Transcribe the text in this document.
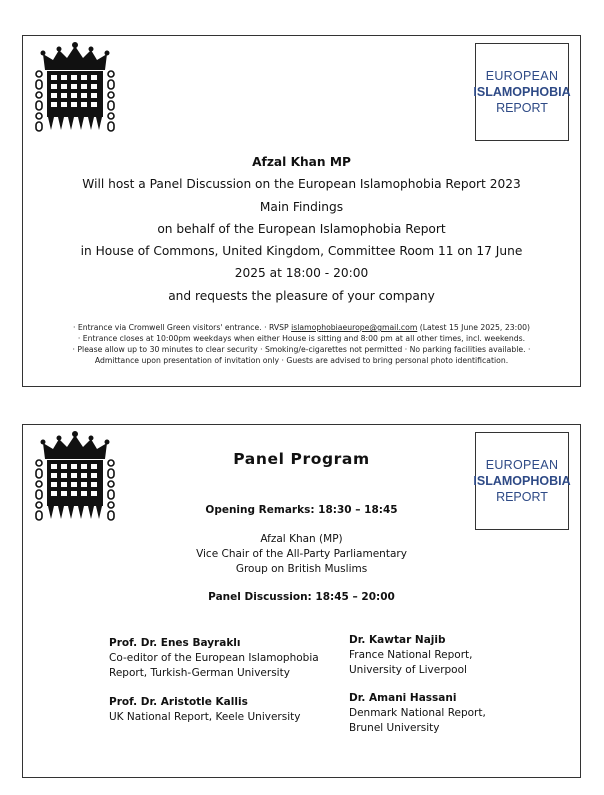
EUROPEAN
ISLAMOPHOBIA
REPORT
Afzal Khan MP
Will host a Panel Discussion on the European Islamophobia Report 2023
Main Findings
on behalf of the European Islamophobia Report
in House of Commons, United Kingdom, Committee Room 11 on 17 June
2025 at 18:00 - 20:00
and requests the pleasure of your company
· Entrance via Cromwell Green visitors' entrance. · RVSP islamophobiaeurope@gmail.com (Latest 15 June 2025, 23:00)
· Entrance closes at 10:00pm weekdays when either House is sitting and 8:00 pm at all other times, incl. weekends.
· Please allow up to 30 minutes to clear security · Smoking/e-cigarettes not permitted · No parking facilities available. ·
Admittance upon presentation of invitation only · Guests are advised to bring personal photo identification.
EUROPEAN
ISLAMOPHOBIA
REPORT
Panel Program
Opening Remarks: 18:30 – 18:45
Afzal Khan (MP)
Vice Chair of the All-Party Parliamentary
Group on British Muslims
Panel Discussion: 18:45 – 20:00
Prof. Dr. Enes Bayraklı
Co-editor of the European Islamophobia
Report, Turkish-German University
Prof. Dr. Aristotle Kallis
UK National Report, Keele University
Dr. Kawtar Najib
France National Report,
University of Liverpool
Dr. Amani Hassani
Denmark National Report,
Brunel University
